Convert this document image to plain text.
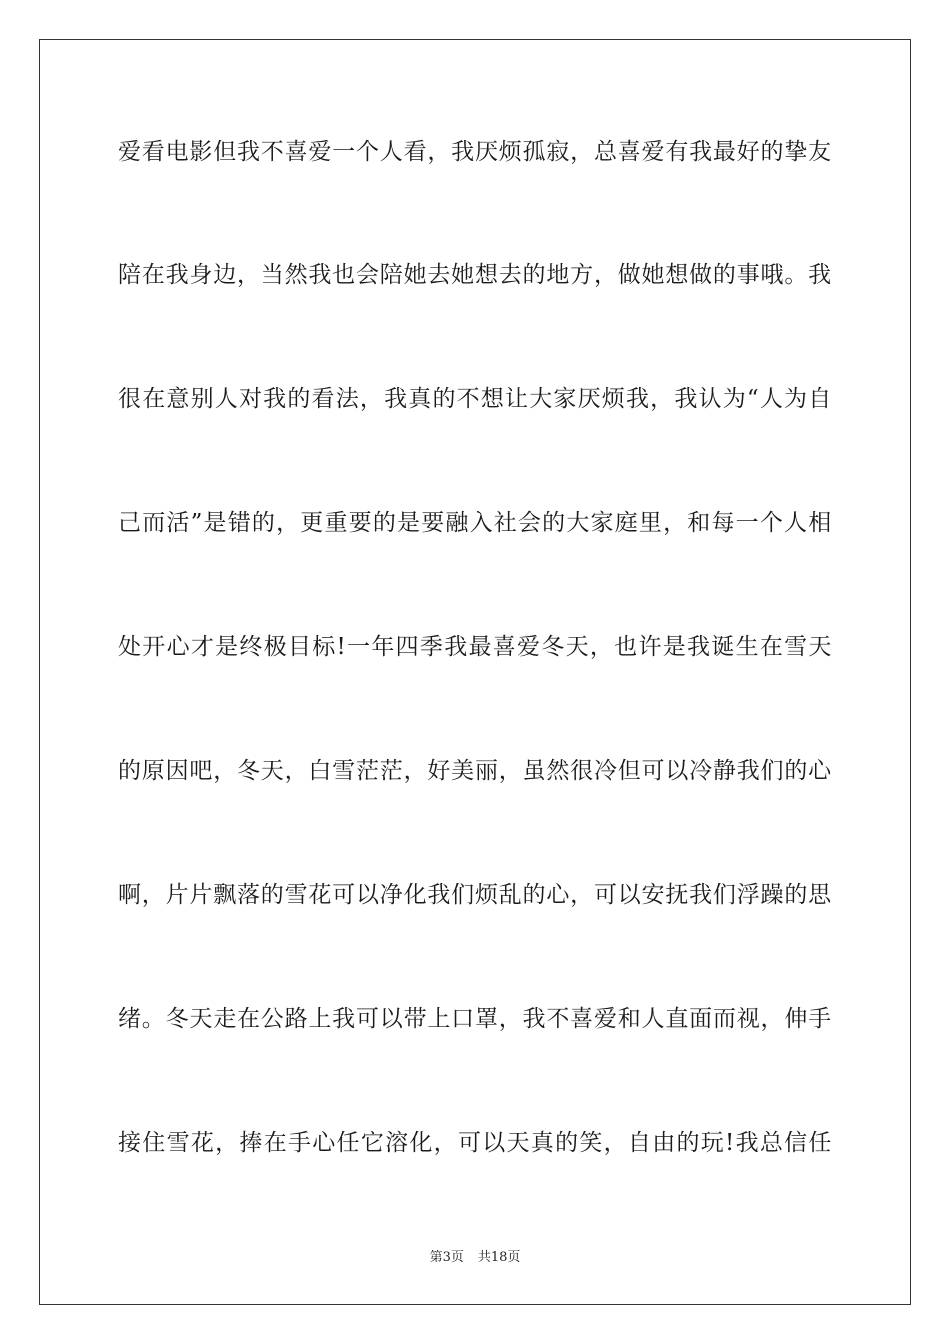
爱 看 电 影 但 我 不 喜 爱 一 个 人 看 ， 我 厌 烦 孤 寂 ， 总 喜 爱 有 我 最 好 的 挚 友
陪 在 我 身 边 ， 当 然 我 也 会 陪 她 去 她 想 去 的 地 方 ， 做 她 想 做 的 事 哦 。 我
很 在 意 别 人 对 我 的 看 法 ， 我 真 的 不 想 让 大 家 厌 烦 我 ， 我 认 为 “ 人 为 自
己 而 活 ” 是 错 的 ， 更 重 要 的 是 要 融 入 社 会 的 大 家 庭 里 ， 和 每 一 个 人 相
处 开 心 才 是 终 极 目 标 ! 一 年 四 季 我 最 喜 爱 冬 天 ， 也 许 是 我 诞 生 在 雪 天
的 原 因 吧 ， 冬 天 ， 白 雪 茫 茫 ， 好 美 丽 ， 虽 然 很 冷 但 可 以 冷 静 我 们 的 心
啊 ， 片 片 飘 落 的 雪 花 可 以 净 化 我 们 烦 乱 的 心 ， 可 以 安 抚 我 们 浮 躁 的 思
绪 。 冬 天 走 在 公 路 上 我 可 以 带 上 口 罩 ， 我 不 喜 爱 和 人 直 面 而 视 ， 伸 手
接 住 雪 花 ， 捧 在 手 心 任 它 溶 化 ， 可 以 天 真 的 笑 ， 自 由 的 玩 ! 我 总 信 任
第3页 共18页
